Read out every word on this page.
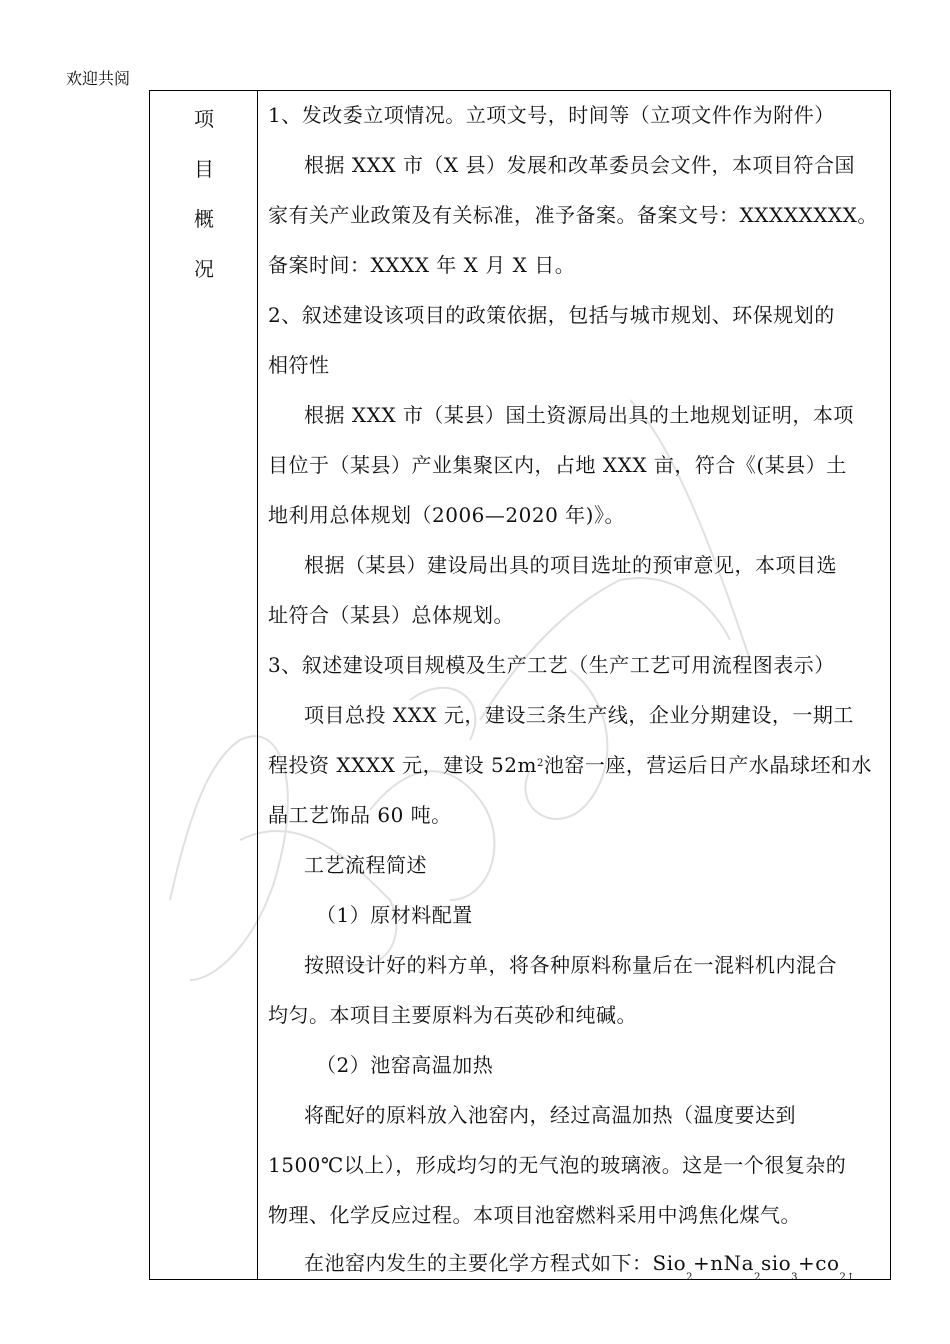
欢迎共阅
项
目
概
况
1、发改委立项情况。立项文号，时间等（立项文件作为附件）
根据 XXX 市（X 县）发展和改革委员会文件，本项目符合国
家有关产业政策及有关标准，准予备案。备案文号：XXXXXXXX。
备案时间：XXXX 年 X 月 X 日。
2、叙述建设该项目的政策依据，包括与城市规划、环保规划的
相符性
根据 XXX 市（某县）国土资源局出具的土地规划证明，本项
目位于（某县）产业集聚区内，占地 XXX 亩，符合《(某县）土
地利用总体规划（2006—2020 年)》。
根据（某县）建设局出具的项目选址的预审意见，本项目选
址符合（某县）总体规划。
3、叙述建设项目规模及生产工艺（生产工艺可用流程图表示）
项目总投 XXX 元，建设三条生产线，企业分期建设，一期工
程投资 XXXX 元，建设 $52m^2$池窑一座，营运后日产水晶球坯和水
晶工艺饰品 60 吨。
工艺流程简述
（1）原材料配置
按照设计好的料方单，将各种原料称量后在一混料机内混合
均匀。本项目主要原料为石英砂和纯碱。
（2）池窑高温加热
将配好的原料放入池窑内，经过高温加热（温度要达到
1500℃以上），形成均匀的无气泡的玻璃液。这是一个很复杂的
物理、化学反应过程。本项目池窑燃料采用中鸿焦化煤气。
在池窑内发生的主要化学方程式如下：$Sio_2+nNa_2sio_3+co_{2↑}$
